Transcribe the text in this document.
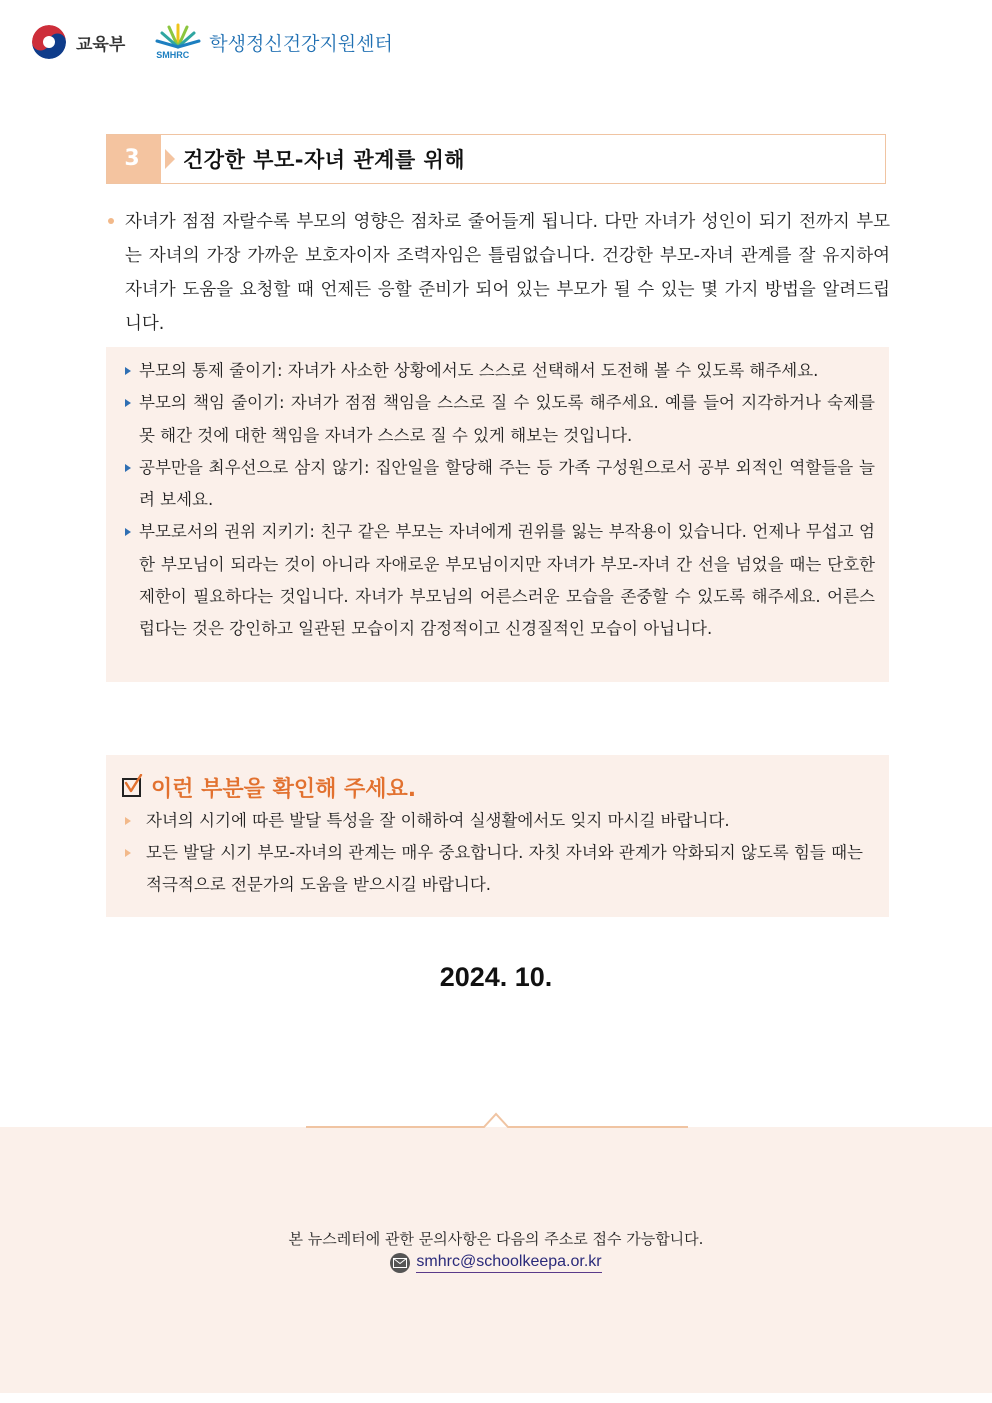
교육부
SMHRC
학생정신건강지원센터
3	건강한 부모-자녀 관계를 위해

자녀가 점점 자랄수록 부모의 영향은 점차로 줄어들게 됩니다. 다만 자녀가 성인이 되기 전까지 부모는 자녀의 가장 가까운 보호자이자 조력자임은 틀림없습니다. 건강한 부모-자녀 관계를 잘 유지하여 자녀가 도움을 요청할 때 언제든 응할 준비가 되어 있는 부모가 될 수 있는 몇 가지 방법을 알려드립니다.

부모의 통제 줄이기: 자녀가 사소한 상황에서도 스스로 선택해서 도전해 볼 수 있도록 해주세요.
부모의 책임 줄이기: 자녀가 점점 책임을 스스로 질 수 있도록 해주세요. 예를 들어 지각하거나 숙제를 못 해간 것에 대한 책임을 자녀가 스스로 질 수 있게 해보는 것입니다.
공부만을 최우선으로 삼지 않기: 집안일을 할당해 주는 등 가족 구성원으로서 공부 외적인 역할들을 늘려 보세요.
부모로서의 권위 지키기: 친구 같은 부모는 자녀에게 권위를 잃는 부작용이 있습니다. 언제나 무섭고 엄한 부모님이 되라는 것이 아니라 자애로운 부모님이지만 자녀가 부모-자녀 간 선을 넘었을 때는 단호한 제한이 필요하다는 것입니다. 자녀가 부모님의 어른스러운 모습을 존중할 수 있도록 해주세요. 어른스럽다는 것은 강인하고 일관된 모습이지 감정적이고 신경질적인 모습이 아닙니다.
이런 부분을 확인해 주세요.
자녀의 시기에 따른 발달 특성을 잘 이해하여 실생활에서도 잊지 마시길 바랍니다.
모든 발달 시기 부모-자녀의 관계는 매우 중요합니다. 자칫 자녀와 관계가 악화되지 않도록 힘들 때는 적극적으로 전문가의 도움을 받으시길 바랍니다.
2024. 10.
본 뉴스레터에 관한 문의사항은 다음의 주소로 접수 가능합니다.
smhrc@schoolkeepa.or.kr
